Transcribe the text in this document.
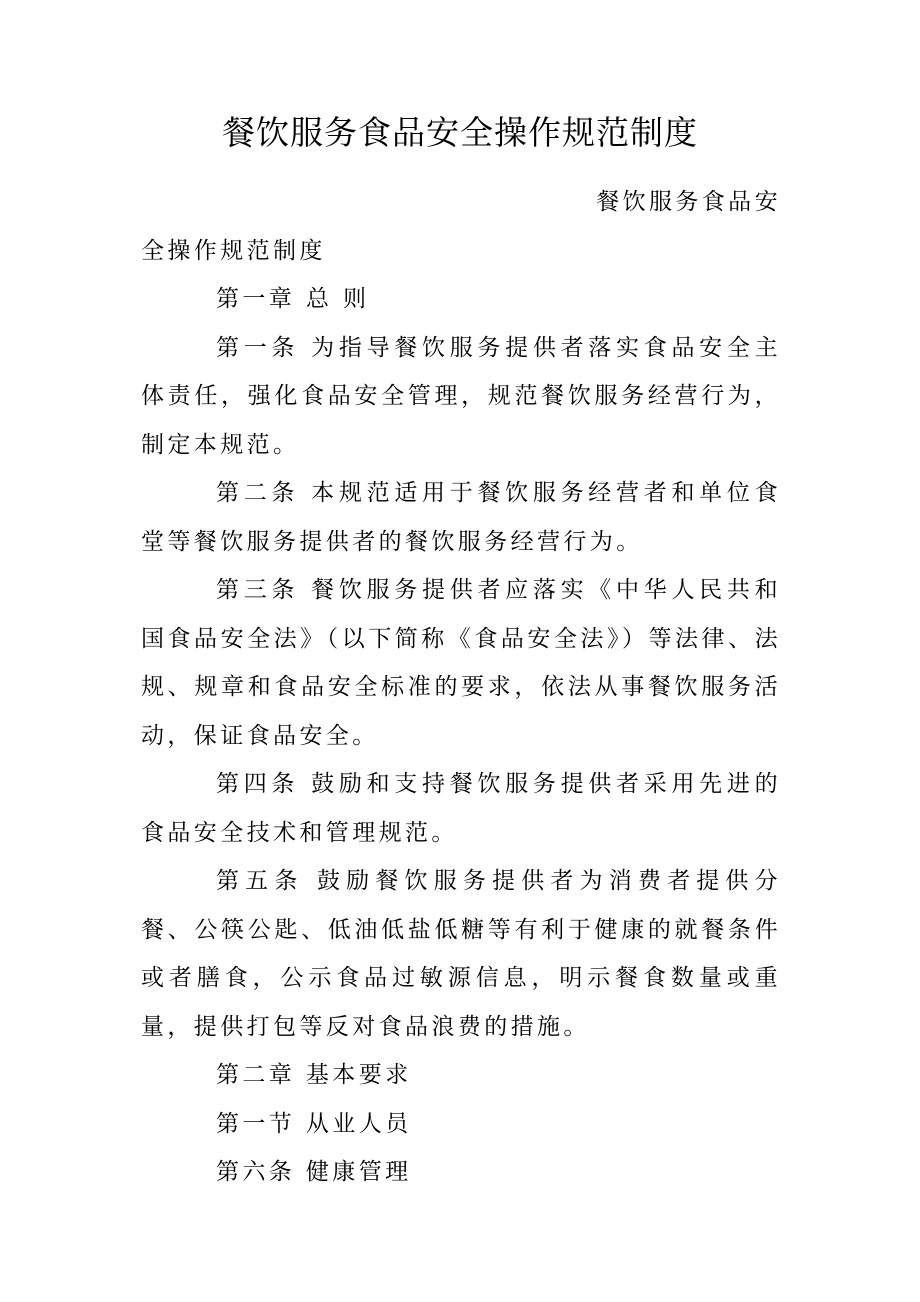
餐饮服务食品安全操作规范制度

餐饮服务食品安

全操作规范制度

第一章 总 则

第一条 为指导餐饮服务提供者落实食品安全主体责任，强化食品安全管理，规范餐饮服务经营行为，制定本规范。

第二条 本规范适用于餐饮服务经营者和单位食堂等餐饮服务提供者的餐饮服务经营行为。

第三条 餐饮服务提供者应落实《中华人民共和国食品安全法》（以下简称《食品安全法》）等法律、法规、规章和食品安全标准的要求，依法从事餐饮服务活动，保证食品安全。

第四条 鼓励和支持餐饮服务提供者采用先进的食品安全技术和管理规范。

第五条 鼓励餐饮服务提供者为消费者提供分餐、公筷公匙、低油低盐低糖等有利于健康的就餐条件或者膳食，公示食品过敏源信息，明示餐食数量或重量，提供打包等反对食品浪费的措施。

第二章 基本要求

第一节 从业人员

第六条 健康管理
